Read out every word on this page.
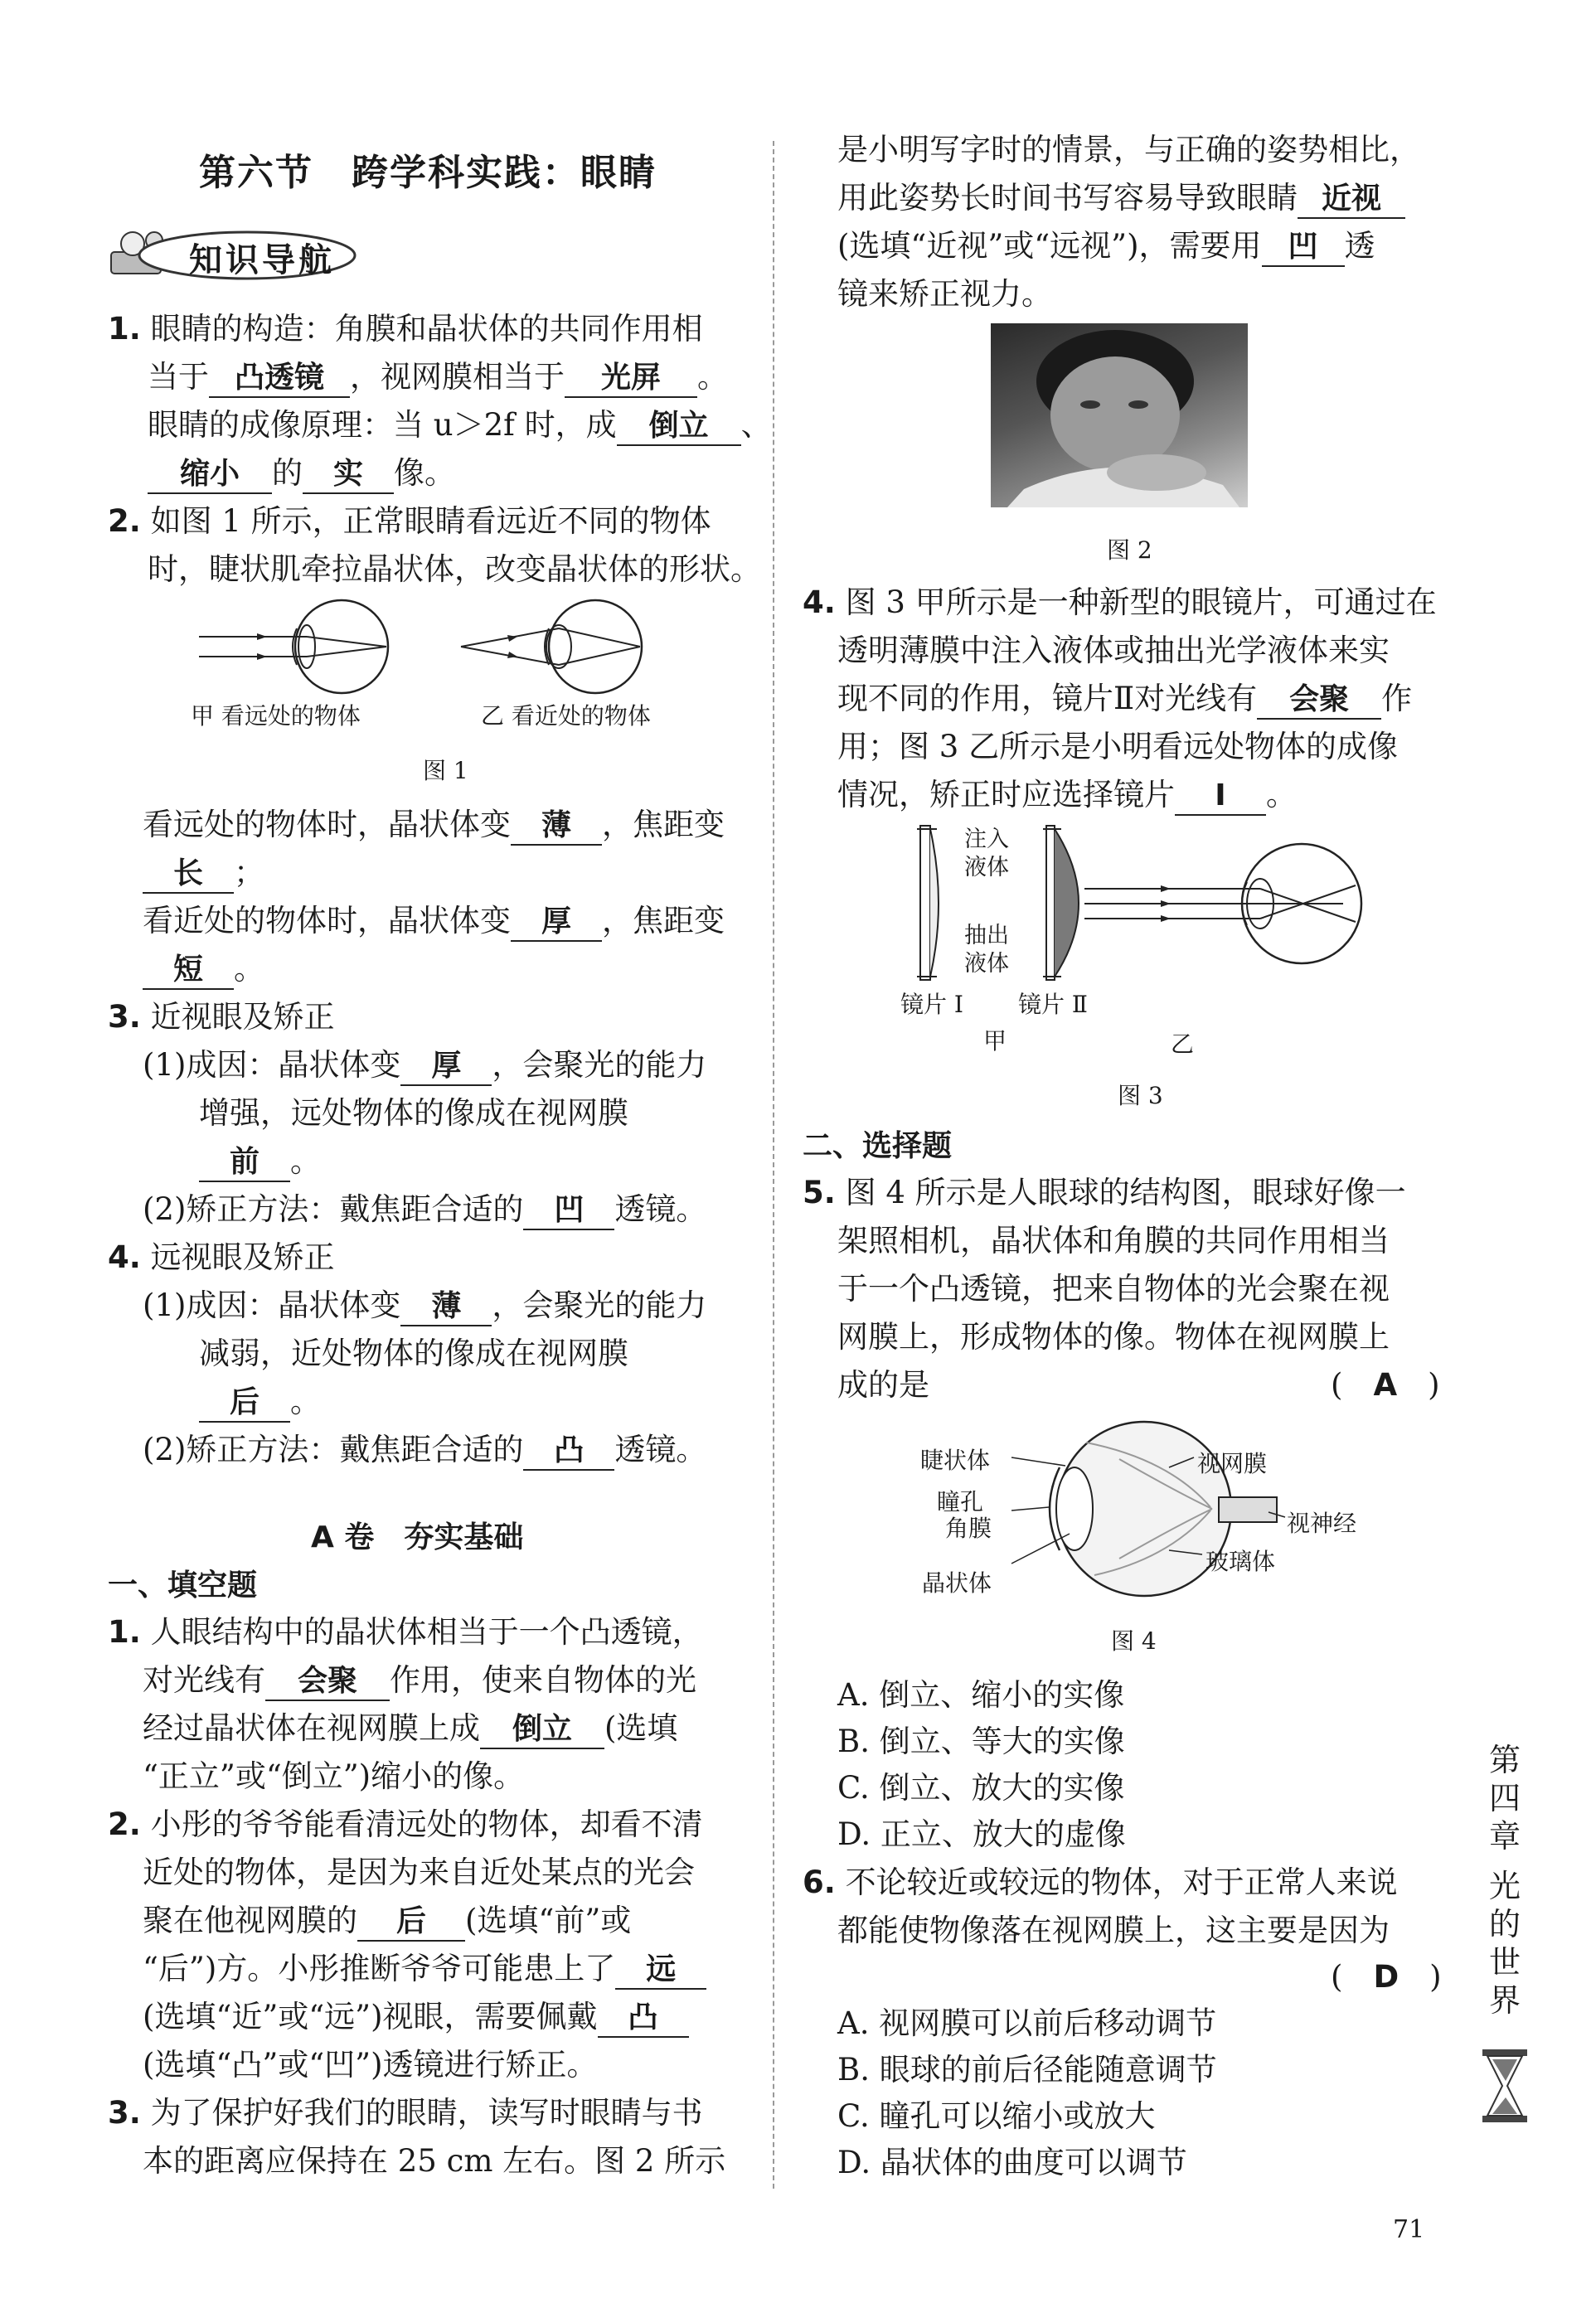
第六节　跨学科实践：眼睛
知识导航
1. 眼睛的构造：角膜和晶状体的共同作用相
当于 凸透镜 ，视网膜相当于 光屏 。
眼睛的成像原理：当 u＞2f 时，成 倒立 、
缩小 的 实 像。
2. 如图 1 所示，正常眼睛看远近不同的物体
时，睫状肌牵拉晶状体，改变晶状体的形状。
甲 看远处的物体	乙 看近处的物体
图 1
看远处的物体时，晶状体变 薄 ，焦距变
长 ；
看近处的物体时，晶状体变 厚 ，焦距变
短 。
3. 近视眼及矫正
(1)成因：晶状体变 厚 ，会聚光的能力
增强，远处物体的像成在视网膜
前 。
(2)矫正方法：戴焦距合适的 凹 透镜。
4. 远视眼及矫正
(1)成因：晶状体变 薄 ，会聚光的能力
减弱，近处物体的像成在视网膜
后 。
(2)矫正方法：戴焦距合适的 凸 透镜。
A 卷　夯实基础
一、填空题
1. 人眼结构中的晶状体相当于一个凸透镜，
对光线有 会聚 作用，使来自物体的光
经过晶状体在视网膜上成 倒立 (选填
“正立”或“倒立”)缩小的像。
2. 小彤的爷爷能看清远处的物体，却看不清
近处的物体，是因为来自近处某点的光会
聚在他视网膜的 后 (选填“前”或
“后”)方。小彤推断爷爷可能患上了 远
(选填“近”或“远”)视眼，需要佩戴 凸
(选填“凸”或“凹”)透镜进行矫正。
3. 为了保护好我们的眼睛，读写时眼睛与书
本的距离应保持在 25 cm 左右。图 2 所示
是小明写字时的情景，与正确的姿势相比，
用此姿势长时间书写容易导致眼睛 近视
(选填“近视”或“远视”)，需要用 凹 透
镜来矫正视力。
图 2
4. 图 3 甲所示是一种新型的眼镜片，可通过在
透明薄膜中注入液体或抽出光学液体来实
现不同的作用，镜片Ⅱ对光线有 会聚 作
用；图 3 乙所示是小明看远处物体的成像
情况，矫正时应选择镜片 Ⅰ 。
注入液体
抽出液体
镜片 Ⅰ 镜片 Ⅱ
甲	乙
图 3
二、选择题
5. 图 4 所示是人眼球的结构图，眼球好像一
架照相机，晶状体和角膜的共同作用相当
于一个凸透镜，把来自物体的光会聚在视
网膜上，形成物体的像。物体在视网膜上
成的是	(　A　)
睫状体
瞳孔
角膜
晶状体
视网膜
视神经
玻璃体
图 4
A. 倒立、缩小的实像
B. 倒立、等大的实像
C. 倒立、放大的实像
D. 正立、放大的虚像
6. 不论较近或较远的物体，对于正常人来说
都能使物像落在视网膜上，这主要是因为
(　D　)
A. 视网膜可以前后移动调节
B. 眼球的前后径能随意调节
C. 瞳孔可以缩小或放大
D. 晶状体的曲度可以调节
第
四
章
光
的
世
界
71
